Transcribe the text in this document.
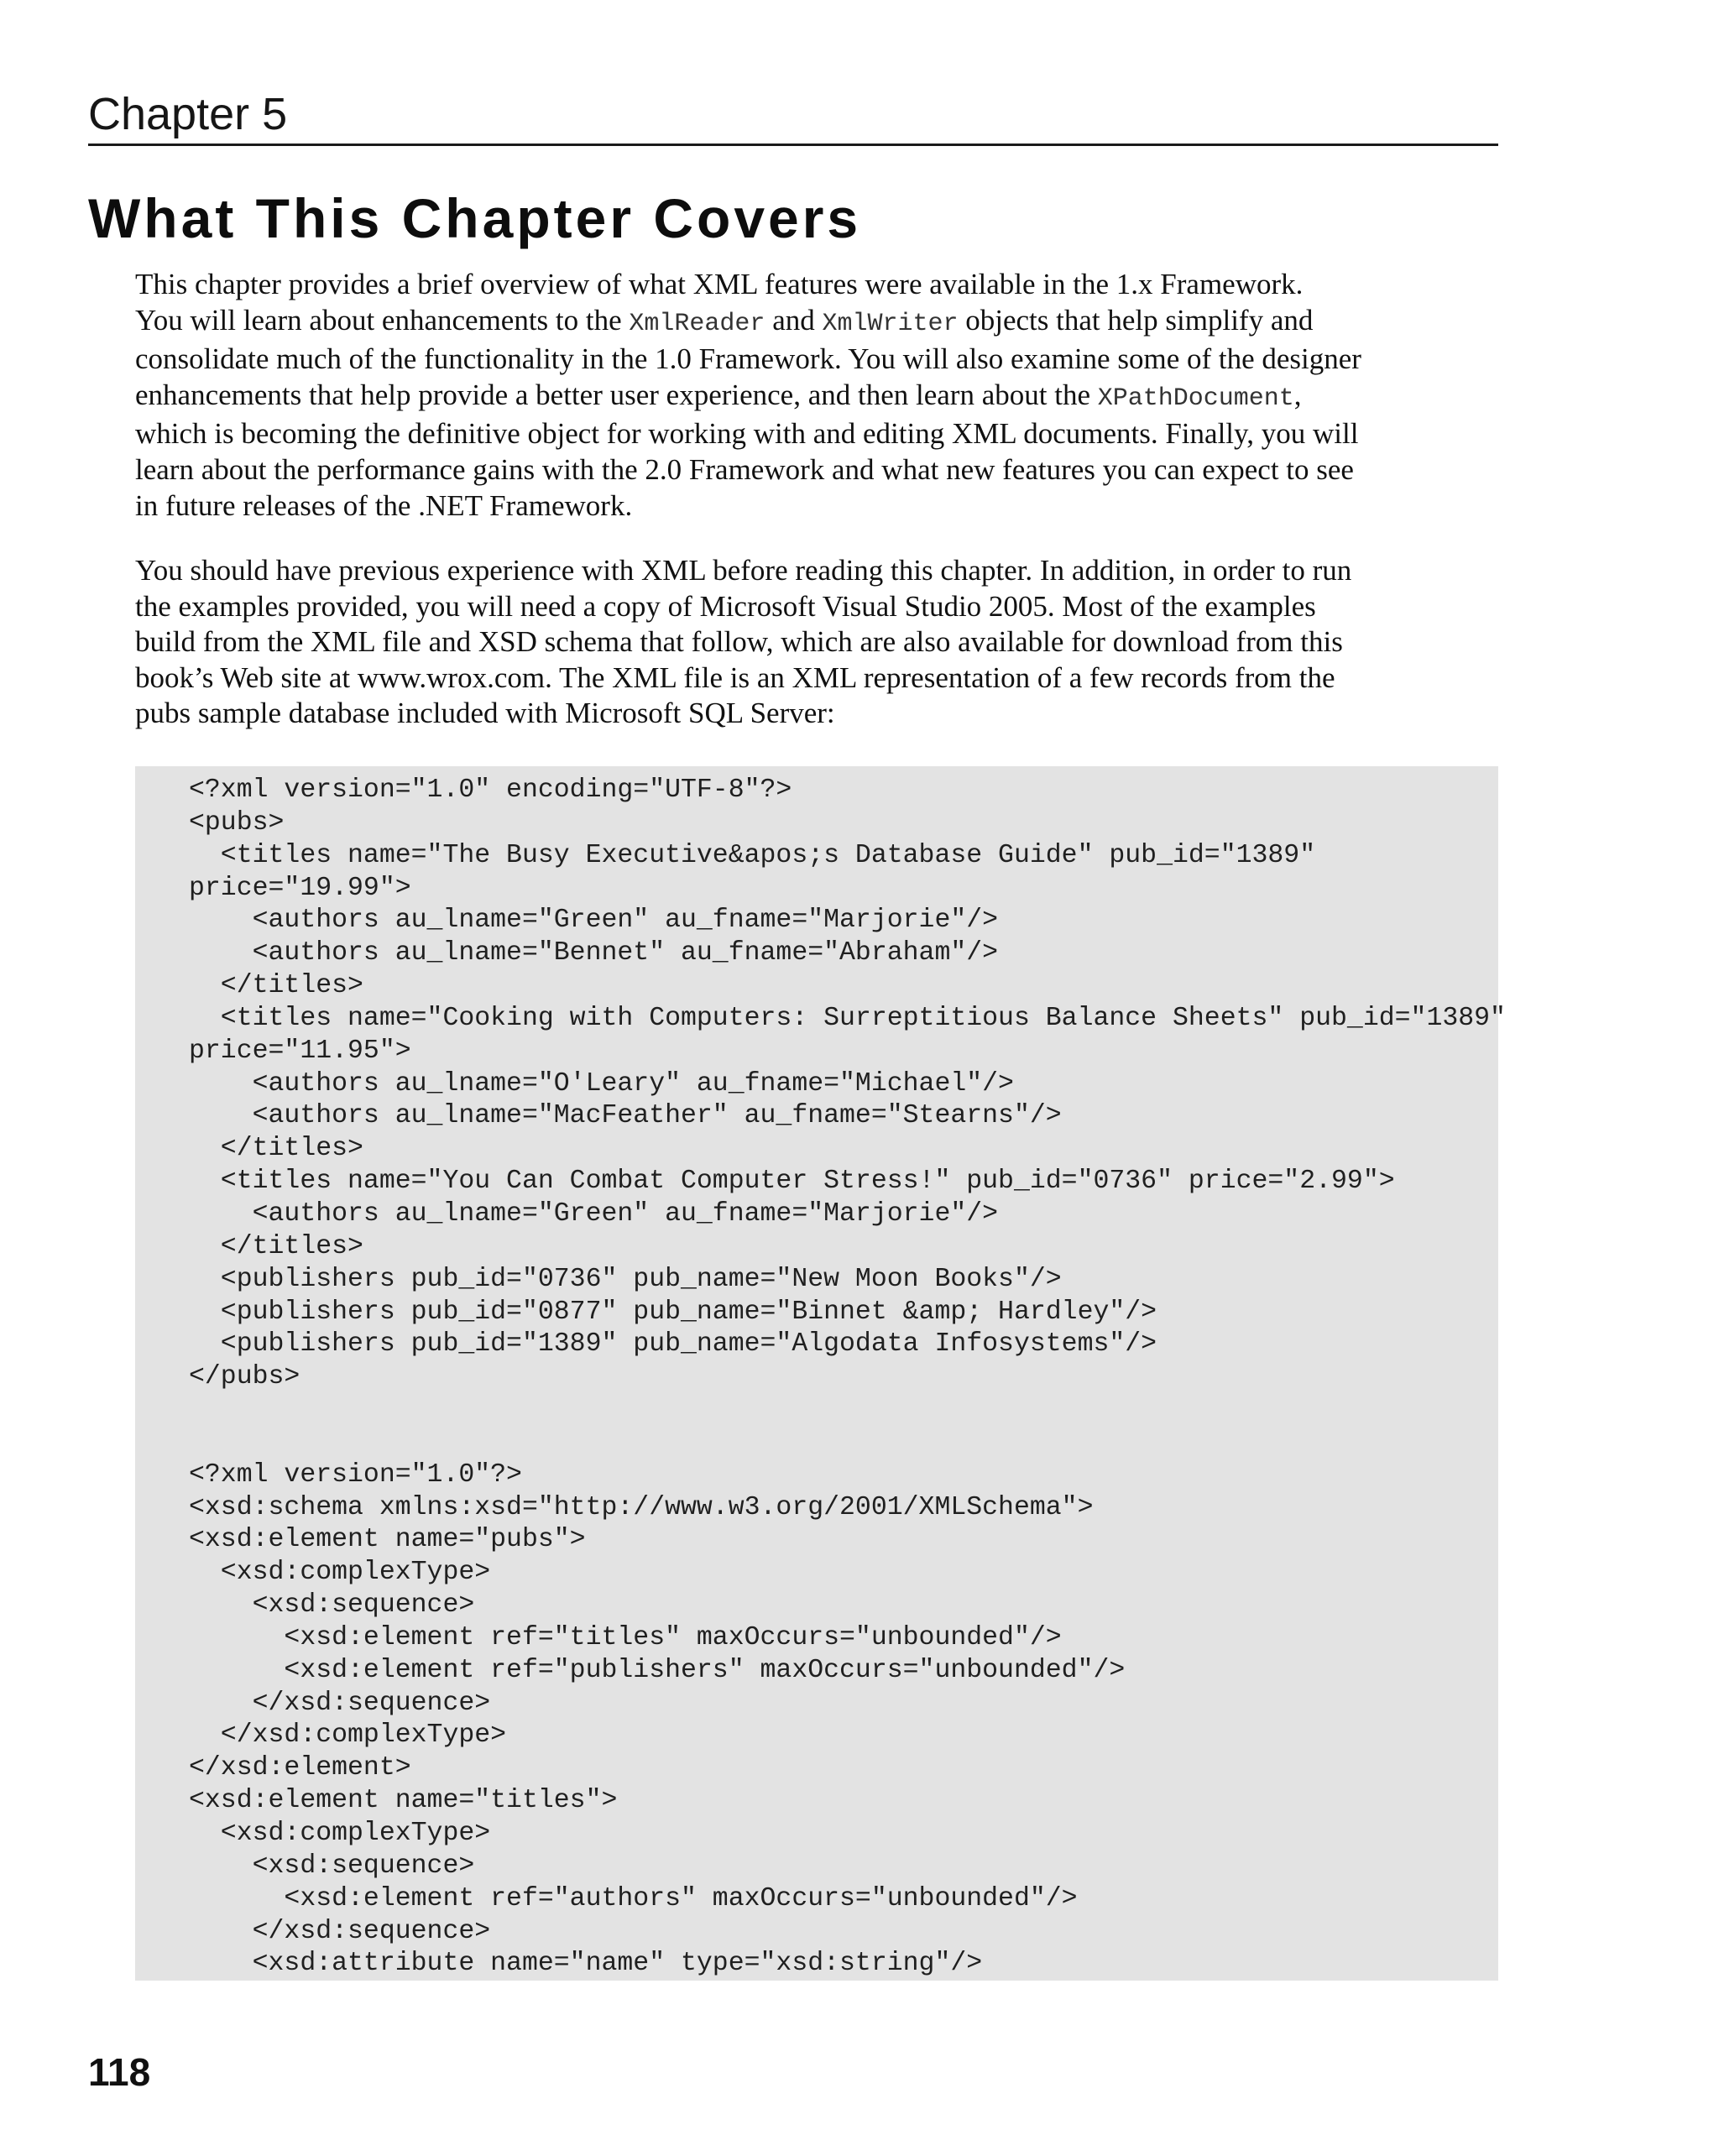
Chapter 5
What This Chapter Covers

This chapter provides a brief overview of what XML features were available in the 1.x Framework.
You will learn about enhancements to the XmlReader and XmlWriter objects that help simplify and
consolidate much of the functionality in the 1.0 Framework. You will also examine some of the designer
enhancements that help provide a better user experience, and then learn about the XPathDocument,
which is becoming the definitive object for working with and editing XML documents. Finally, you will
learn about the performance gains with the 2.0 Framework and what new features you can expect to see
in future releases of the .NET Framework.

You should have previous experience with XML before reading this chapter. In addition, in order to run
the examples provided, you will need a copy of Microsoft Visual Studio 2005. Most of the examples
build from the XML file and XSD schema that follow, which are also available for download from this
book’s Web site at www.wrox.com. The XML file is an XML representation of a few records from the
pubs sample database included with Microsoft SQL Server:

<?xml version="1.0" encoding="UTF-8"?>
<pubs>
<titles name="The Busy Executive&apos;s Database Guide" pub_id="1389"
price="19.99">
<authors au_lname="Green" au_fname="Marjorie"/>
<authors au_lname="Bennet" au_fname="Abraham"/>
</titles>
<titles name="Cooking with Computers: Surreptitious Balance Sheets" pub_id="1389"
price="11.95">
<authors au_lname="O'Leary" au_fname="Michael"/>
<authors au_lname="MacFeather" au_fname="Stearns"/>
</titles>
<titles name="You Can Combat Computer Stress!" pub_id="0736" price="2.99">
<authors au_lname="Green" au_fname="Marjorie"/>
</titles>
<publishers pub_id="0736" pub_name="New Moon Books"/>
<publishers pub_id="0877" pub_name="Binnet &amp; Hardley"/>
<publishers pub_id="1389" pub_name="Algodata Infosystems"/>
</pubs>

<?xml version="1.0"?>
<xsd:schema xmlns:xsd="http://www.w3.org/2001/XMLSchema">
<xsd:element name="pubs">
<xsd:complexType>
<xsd:sequence>
<xsd:element ref="titles" maxOccurs="unbounded"/>
<xsd:element ref="publishers" maxOccurs="unbounded"/>
</xsd:sequence>
</xsd:complexType>
</xsd:element>
<xsd:element name="titles">
<xsd:complexType>
<xsd:sequence>
<xsd:element ref="authors" maxOccurs="unbounded"/>
</xsd:sequence>
<xsd:attribute name="name" type="xsd:string"/>
118
